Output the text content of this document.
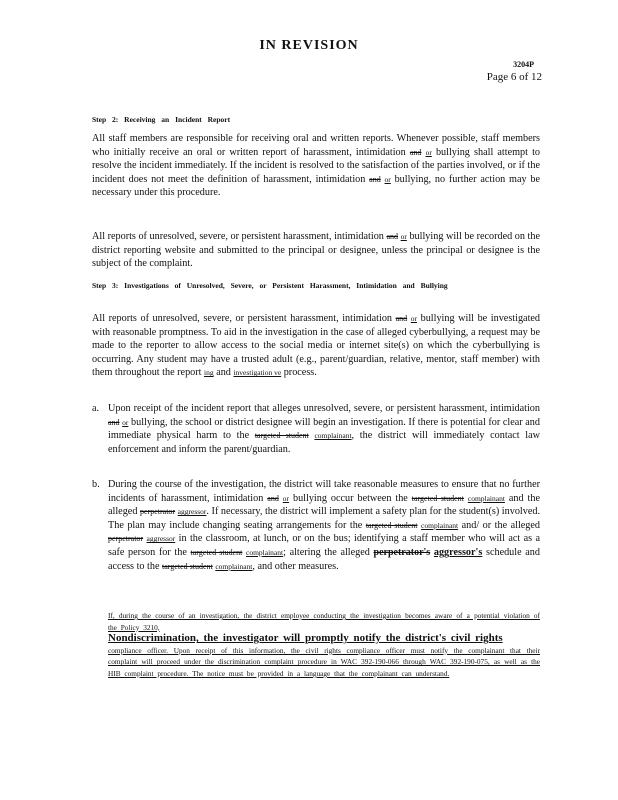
IN REVISION
3204P
Page 6 of 12
Step 2: Receiving an Incident Report
All staff members are responsible for receiving oral and written reports. Whenever possible, staff members who initially receive an oral or written report of harassment, intimidation and or bullying shall attempt to resolve the incident immediately. If the incident is resolved to the satisfaction of the parties involved, or if the incident does not meet the definition of harassment, intimidation and or bullying, no further action may be necessary under this procedure.
All reports of unresolved, severe, or persistent harassment, intimidation and or bullying will be recorded on the district reporting website and submitted to the principal or designee, unless the principal or designee is the subject of the complaint.
Step 3: Investigations of Unresolved, Severe, or Persistent Harassment, Intimidation and Bullying
All reports of unresolved, severe, or persistent harassment, intimidation and or bullying will be investigated with reasonable promptness. To aid in the investigation in the case of alleged cyberbullying, a request may be made to the reporter to allow access to the social media or internet site(s) on which the cyberbullying is occurring. Any student may have a trusted adult (e.g., parent/guardian, relative, mentor, staff member) with them throughout the report ing and investigation ve process.
a. Upon receipt of the incident report that alleges unresolved, severe, or persistent harassment, intimidation and or bullying, the school or district designee will begin an investigation. If there is potential for clear and immediate physical harm to the targeted student complainant, the district will immediately contact law enforcement and inform the parent/guardian.
b. During the course of the investigation, the district will take reasonable measures to ensure that no further incidents of harassment, intimidation and or bullying occur between the targeted student complainant and the alleged perpetrator aggressor. If necessary, the district will implement a safety plan for the student(s) involved. The plan may include changing seating arrangements for the targeted student complainant and/ or the alleged perpetrator aggressor in the classroom, at lunch, or on the bus; identifying a staff member who will act as a safe person for the targeted student complainant; altering the alleged perpetrator's aggressor's schedule and access to the targeted student complainant, and other measures.
If, during the course of an investigation, the district employee conducting the investigation becomes aware of a potential violation of the Policy 3210,
Nondiscrimination, the investigator will promptly notify the district's civil rights
compliance officer. Upon receipt of this information, the civil rights compliance officer must notify the complainant that their complaint will proceed under the discrimination complaint procedure in WAC 392-190-066 through WAC 392-190-075, as well as the HIB complaint procedure. The notice must be provided in a language that the complainant can understand.
